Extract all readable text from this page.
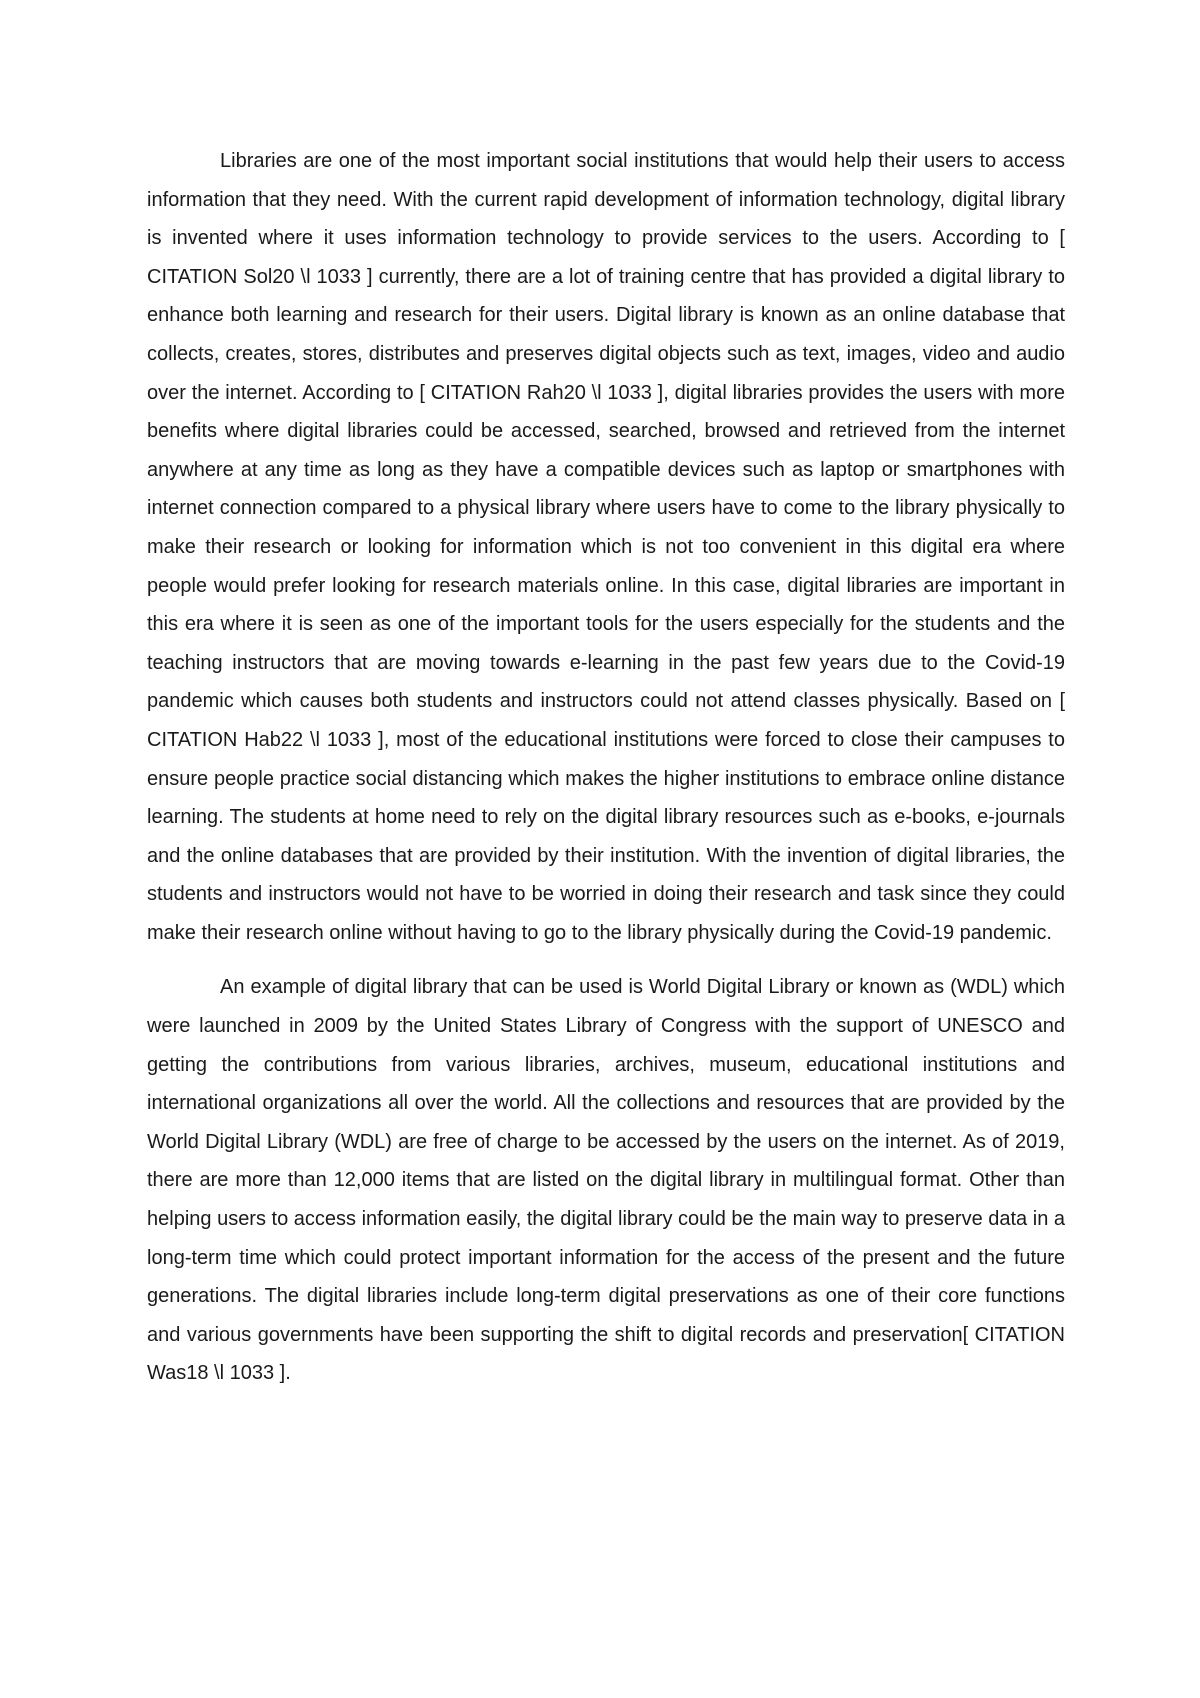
Libraries are one of the most important social institutions that would help their users to access information that they need. With the current rapid development of information technology, digital library is invented where it uses information technology to provide services to the users. According to [ CITATION Sol20 \l 1033 ] currently, there are a lot of training centre that has provided a digital library to enhance both learning and research for their users. Digital library is known as an online database that collects, creates, stores, distributes and preserves digital objects such as text, images, video and audio over the internet. According to [ CITATION Rah20 \l 1033 ], digital libraries provides the users with more benefits where digital libraries could be accessed, searched, browsed and retrieved from the internet anywhere at any time as long as they have a compatible devices such as laptop or smartphones with internet connection compared to a physical library where users have to come to the library physically to make their research or looking for information which is not too convenient in this digital era where people would prefer looking for research materials online. In this case, digital libraries are important in this era where it is seen as one of the important tools for the users especially for the students and the teaching instructors that are moving towards e-learning in the past few years due to the Covid-19 pandemic which causes both students and instructors could not attend classes physically. Based on [ CITATION Hab22 \l 1033 ], most of the educational institutions were forced to close their campuses to ensure people practice social distancing which makes the higher institutions to embrace online distance learning. The students at home need to rely on the digital library resources such as e-books, e-journals and the online databases that are provided by their institution. With the invention of digital libraries, the students and instructors would not have to be worried in doing their research and task since they could make their research online without having to go to the library physically during the Covid-19 pandemic.

An example of digital library that can be used is World Digital Library or known as (WDL) which were launched in 2009 by the United States Library of Congress with the support of UNESCO and getting the contributions from various libraries, archives, museum, educational institutions and international organizations all over the world. All the collections and resources that are provided by the World Digital Library (WDL) are free of charge to be accessed by the users on the internet. As of 2019, there are more than 12,000 items that are listed on the digital library in multilingual format. Other than helping users to access information easily, the digital library could be the main way to preserve data in a long-term time which could protect important information for the access of the present and the future generations. The digital libraries include long-term digital preservations as one of their core functions and various governments have been supporting the shift to digital records and preservation[ CITATION Was18 \l 1033 ].
